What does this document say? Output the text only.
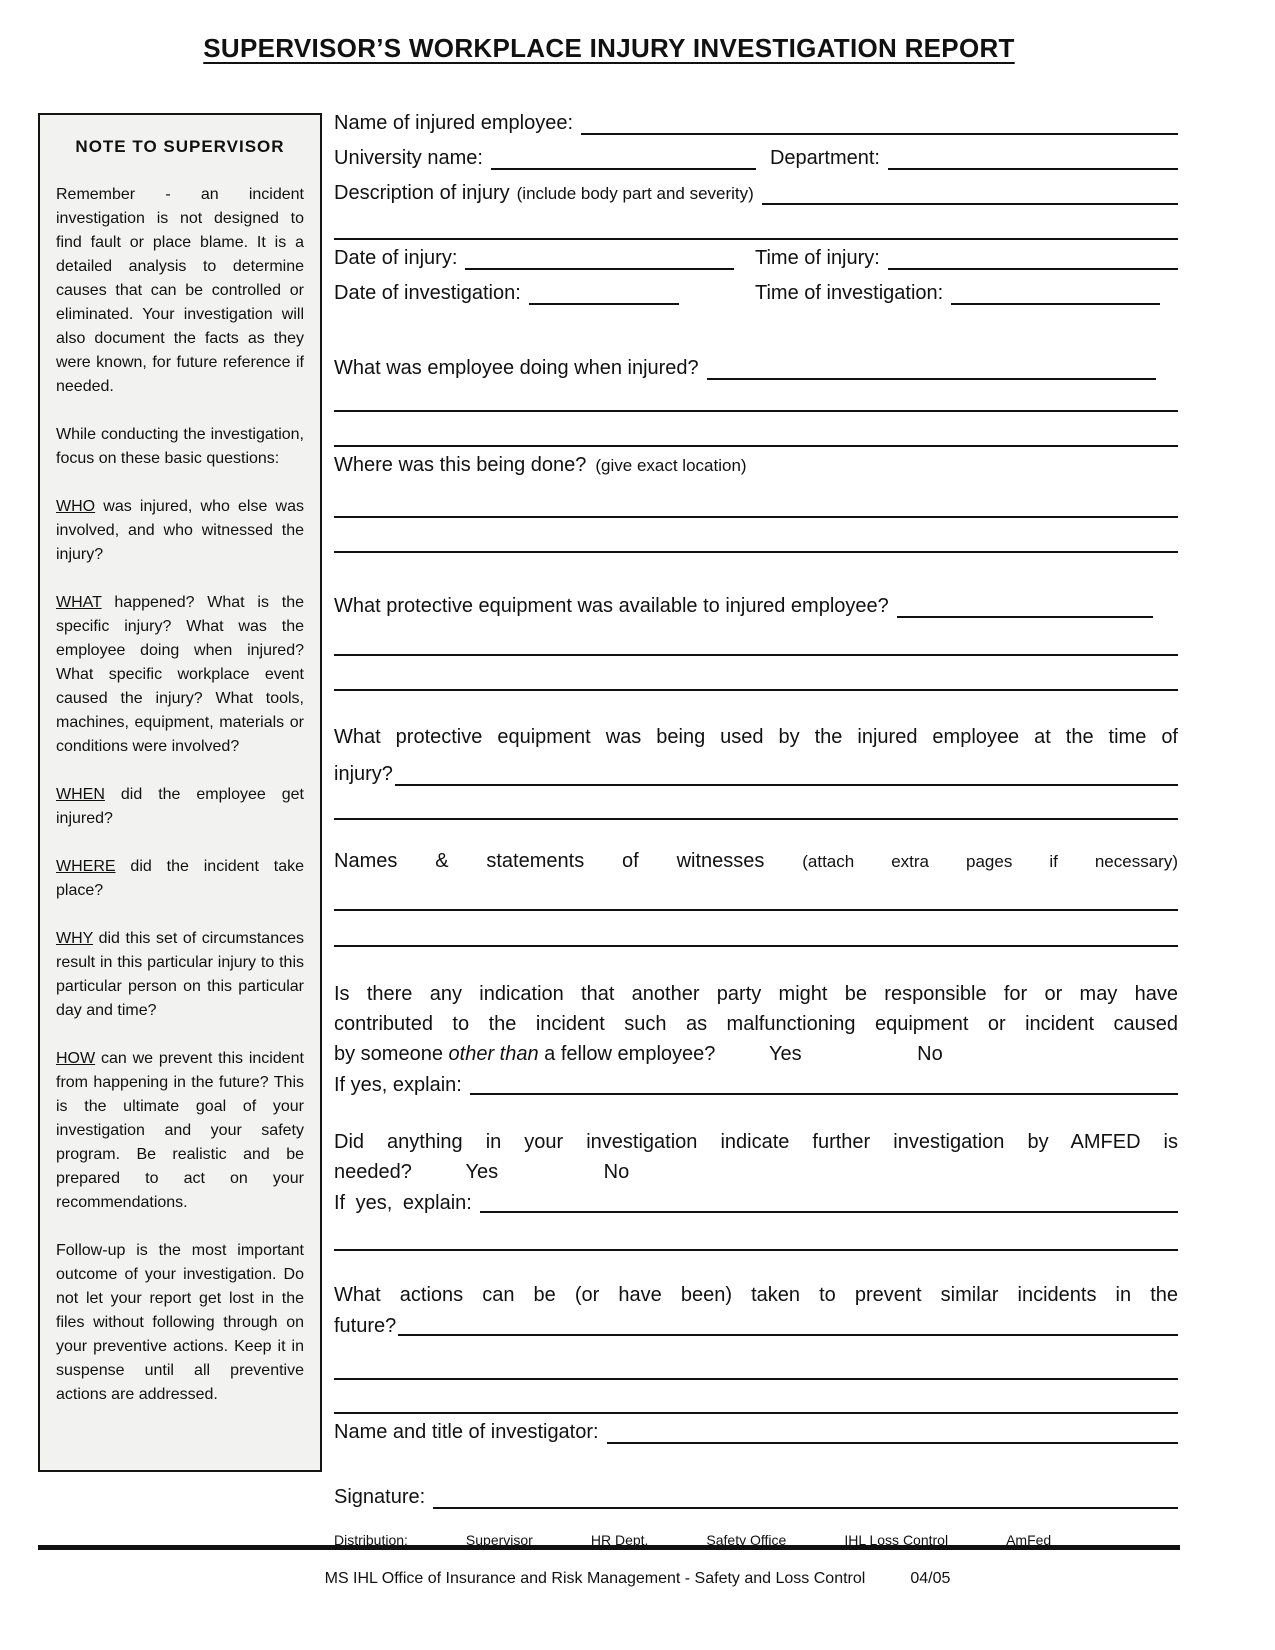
SUPERVISOR’S WORKPLACE INJURY INVESTIGATION REPORT
NOTE TO SUPERVISOR

Remember - an incident investigation is not designed to find fault or place blame. It is a detailed analysis to determine causes that can be controlled or eliminated. Your investigation will also document the facts as they were known, for future reference if needed.

While conducting the investigation, focus on these basic questions:

WHO was injured, who else was involved, and who witnessed the injury?

WHAT happened? What is the specific injury? What was the employee doing when injured? What specific workplace event caused the injury? What tools, machines, equipment, materials or conditions were involved?

WHEN did the employee get injured?

WHERE did the incident take place?

WHY did this set of circumstances result in this particular injury to this particular person on this particular day and time?

HOW can we prevent this incident from happening in the future? This is the ultimate goal of your investigation and your safety program. Be realistic and be prepared to act on your recommendations.

Follow-up is the most important outcome of your investigation. Do not let your report get lost in the files without following through on your preventive actions. Keep it in suspense until all preventive actions are addressed.

Name of injured employee:
University name:	Department:
Description of injury (include body part and severity)
Date of injury:	Time of injury:
Date of investigation:	Time of investigation:
What was employee doing when injured?
Where was this being done? (give exact location)
What protective equipment was available to injured employee?
What protective equipment was being used by the injured employee at the time of
injury?
Names & statements of witnesses (attach extra pages if necessary)
Is there any indication that another party might be responsible for or may have
contributed to the incident such as malfunctioning equipment or incident caused
by someone other than a fellow employee?	Yes	No
If yes, explain:
Did anything in your investigation indicate further investigation by AMFED is
needed?	Yes	No
If yes, explain:
What actions can be (or have been) taken to prevent similar incidents in the
future?
Name and title of investigator:
Signature:
Distribution:	Supervisor	HR Dept.	Safety Office	IHL Loss Control	AmFed
MS IHL Office of Insurance and Risk Management - Safety and Loss Control	04/05
